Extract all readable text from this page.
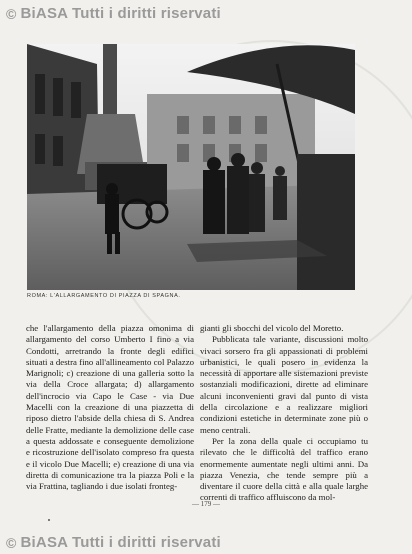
© BiASA Tutti i diritti riservati
ROMA: L'ALLARGAMENTO DI PIAZZA DI SPAGNA.

che l'allargamento della piazza omonima di allargamento del corso Umberto I fino a via Condotti, arretrando la fronte degli edifici situati a destra fino all'allineamento col Palazzo Marignoli; c) creazione di una galleria sotto la via della Croce allargata; d) allargamento dell'incrocio via Capo le Case - via Due Macelli con la creazione di una piazzetta di riposo dietro l'abside della chiesa di S. Andrea delle Fratte, mediante la demolizione delle case a questa addossate e conseguente demolizione e ricostruzione dell'isolato compreso fra questa e il vicolo Due Macelli; e) creazione di una via diretta di comunicazione tra la piazza Poli e la via Frattina, tagliando i due isolati fronteg-

gianti gli sbocchi del vicolo del Moretto.

Pubblicata tale variante, discussioni molto vivaci sorsero fra gli appassionati di problemi urbanistici, le quali posero in evidenza la necessità di apportare alle sistemazioni previste sostanziali modificazioni, dirette ad eliminare alcuni inconvenienti gravi dal punto di vista della circolazione e a realizzare migliori condizioni estetiche in determinate zone più o meno centrali.

Per la zona della quale ci occupiamo tu rilevato che le difficoltà del traffico erano enormemente aumentate negli ultimi anni. Da piazza Venezia, che tende sempre più a diventare il cuore della città e alla quale larghe correnti di traffico affluiscono da mol-

— 179 —
© BiASA Tutti i diritti riservati
